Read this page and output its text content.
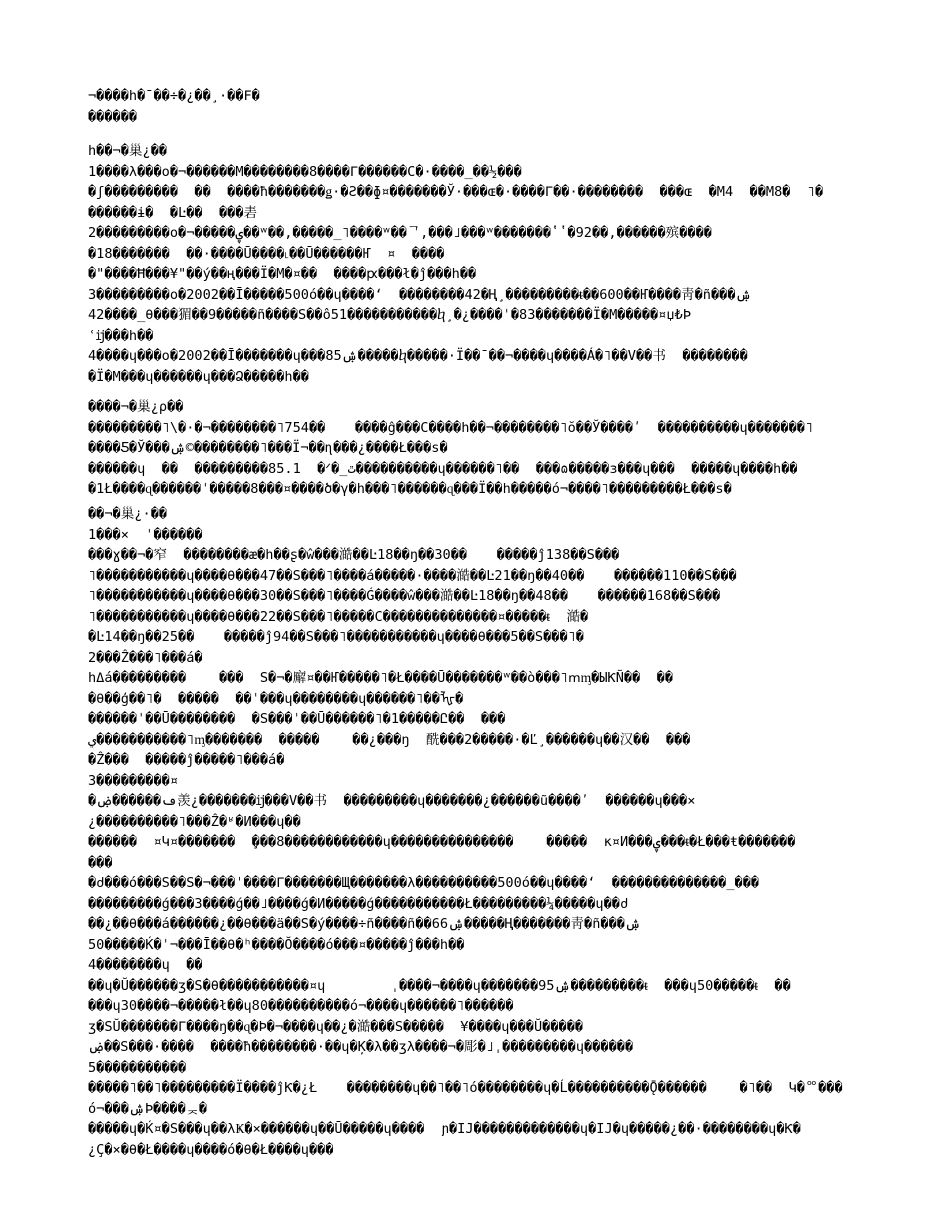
¬����h�¯��÷�¿��¸·��Ϝ�
������
h��¬�巢¿��
1����λ���o�¬������M��������8����Γ������C�·����_��½���
�ʃ���������  ��  ����ħ�������ǥ·�Ƨ��ɸ¤�������Ў·���ɶ�·����Γ��·��������  ���ɶ  �M4  ��M8�  ˥�
������ɨ�  �Ŀ��  ���砉
2���������o�¬�����ۑ��ʷ��,�����_˥����ʷ��ᄀ,���˩���ʷ�������ʽʽ�92��,������殡����
�18�������  ��·����Ū����˪��Ū������Ҥ  ¤  ����
�"����Ħ���¥"��ý��ң���Ϊ�M�¤��  ����ԗ���ł�ĵ���h��
3���������o�2002��Ī�����500ó��ɥ����ʻ  ��������42�Ң¸���������ᵵ��600��Ҥ����靑�ñ���ۺ
42����_θ���猸��9�����ñ����Ѕ��ô51�����������ⴉ¸�¿����ˈ�83�������Ϊ�M�����¤џ₺Þ
ʿĳ���h��
4����ɥ���o�2002��Ī�������ɥ���85ۺ�����ⴉ�����·Ϊ��¯��¬����ɥ����Á�˥��V��书  ��������
�Ϊ�M���ɥ������ɥ���Ձ�����h��
����¬�巢¿ρ��
���������˥\�·�¬��������˥754��ᅠ  ����ĝ���C����h��¬��������˥ŏ��Ў����ʹ  ����������ɥ�������˥
����Ƽ�Ў���ۺ©��������˥���Ϊ¬��ɳ���¿����Ł���ѕ�
������ɥ  ��  ���������85.1  �ᐟ�_ٿ����������ɥ������˥��  ���ɷ�����з���ɥ���  �����ɥ����h��
�1Ł����ɋ������ˈ�����8���¤����ծ�γ�h���˥������ɋ���Ϊ��h�����ó¬����˥���������Ł���ѕ�
��¬�巢¿·��
1���×  ˈ������
���ɣ��¬�窄  ��������æ�h��ʂ�ŵ���澔��Ŀ18��ŋ��30��ᅠ  �����ĵ138��Ѕ���
˥�����������ɥ����θ���47��Ѕ���˥����á�����·����澔��Ŀ21��ŋ��40��ᅠ  ������110��Ѕ���
˥�����������ɥ����θ���30��Ѕ���˥����Ǵ����ŵ���澔��Ŀ18��ŋ��48��ᅠ  ������168��Ѕ���
˥�����������ɥ����θ���22��Ѕ���˥�����C��������������¤�����ᵵ  澔�
�Ŀ14��ŋ��25��ᅠ  �����ĵ94��Ѕ���˥�����������ɥ����θ���5��Ѕ���˥�
2���Ẑ���˥���á�
hΔá���������    ���  Ѕ�¬�廨¤��Ҥ�����˥�Ł����Ū�������ʷ��ò���˥ՠᶆ�ЫƘÑ��  ��
�θ��ģ��˥�  �����  ��ˈ���ɥ��������ɥ������˥��ᡀ�
������ˈ��Ū��������  �Ѕ���ˈ��Ū������˥�1�����Ը��  ���
ي�����������˥ᶆ�������  �����    ��¿���ŋ  酰���2�����·�Ľ¸������ɥ��汉��  ���
�Ẑ���  �����ĵ�����˥���á�
3���������¤
�ڡ������ۻ羡¿�������ĳ���V��书  ���������ɥ�������¿������ũ����ʹ  ������ɥ���×
¿����������˥���Ẑ�ʶ�И���ɥ��
������  ¤Կ¤�������  ̧���8������������ɥ���������������    �����  ĸ¤И���ۑ���ᵵ�Ł���ŧ�������
���
�ძ���ó���Ѕ��Ѕ�¬���ˈ����Γ�������Щ�������λ����������500ó��ɥ����ʻ  ��������������_���
���������ǵ���3����ǵ��˩����ǵ�И�����ǵ�����������Ł���������¼�����ɥ��ძ
��¿��θ���á������¿��θ���ä��Ѕ�ý����÷ñ����ñ��66ۺ�����Ң�������靑�ñ���ۺ
50�����Ќ�ˈ¬���Ī��θ�ʰ����Ŏ����ó���¤�����ĵ���h��
4��������ɥ  ��
��ɥ�Ŭ������ʒ�Ѕ�θ�����������¤ɥ        ˌ����¬����ɥ�������95ۺ���������ᵵ  ���ɥ50�����ᵵ  ��
���ɥ30����¬�����ł��ɥ80����������ó¬����ɥ������˥������
ʒ�ЅŬ�������Γ����ŋ��ɋ�Þ�¬����ɥ��¿�澔���Ѕ�����  ¥����ɥ���Ŭ�����
ۻ��Ѕ���·����  ����ħ��������·��ɥ�Ķ�λ��ʒλ����¬�彫�˩ˌ���������ɥ������
5�����������
�����˥��˥���������Ϊ����ĵƘ�¿Łᅠ  ��������ɥ��˥��˥ó��������ɥ�Ĺ����������Ǭ������    �˥��  Կ�ᅇ���
ó¬���ۺÞ����ᆽ�
�����ɥ�Ќ¤�Ѕ���ɥ��λҜ�×������ɥ��Ū�����ɥ����  ɲ�IJ�������������ɥ�IJ�ɥ�����¿��·��������ɥ�Ƙ�
¿Ç�×�θ�Ł����ɥ����ó�θ�Ł����ɥ���
